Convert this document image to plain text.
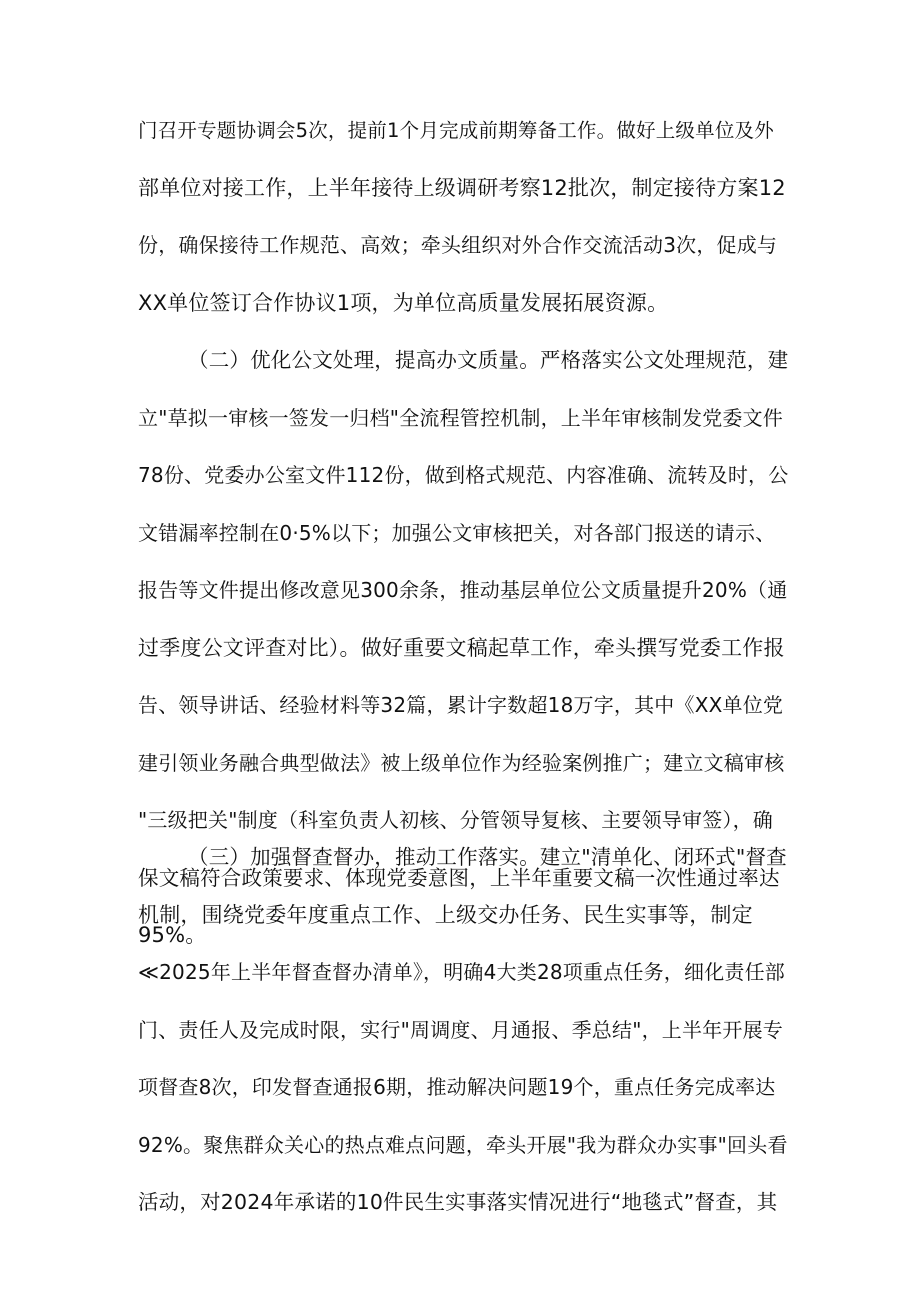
门召开专题协调会5次，提前1个月完成前期筹备工作。做好上级单位及外
部单位对接工作，上半年接待上级调研考察12批次，制定接待方案12
份，确保接待工作规范、高效；牵头组织对外合作交流活动3次，促成与
XX单位签订合作协议1项，为单位高质量发展拓展资源。
（二）优化公文处理，提高办文质量。严格落实公文处理规范，建
立"草拟一审核一签发一归档"全流程管控机制，上半年审核制发党委文件
78份、党委办公室文件112份，做到格式规范、内容准确、流转及时，公
文错漏率控制在0·5%以下；加强公文审核把关，对各部门报送的请示、
报告等文件提出修改意见300余条，推动基层单位公文质量提升20%（通
过季度公文评查对比）。做好重要文稿起草工作，牵头撰写党委工作报
告、领导讲话、经验材料等32篇，累计字数超18万字，其中《XX单位党
建引领业务融合典型做法》被上级单位作为经验案例推广；建立文稿审核
"三级把关"制度（科室负责人初核、分管领导复核、主要领导审签），确
保文稿符合政策要求、体现党委意图，上半年重要文稿一次性通过率达
95%。
（三）加强督查督办，推动工作落实。建立"清单化、闭环式"督查
机制，围绕党委年度重点工作、上级交办任务、民生实事等，制定
≪2025年上半年督查督办清单》，明确4大类28项重点任务，细化责任部
门、责任人及完成时限，实行"周调度、月通报、季总结"，上半年开展专
项督查8次，印发督查通报6期，推动解决问题19个，重点任务完成率达
92%。聚焦群众关心的热点难点问题，牵头开展"我为群众办实事"回头看
活动，对2024年承诺的10件民生实事落实情况进行“地毯式”督查，其
